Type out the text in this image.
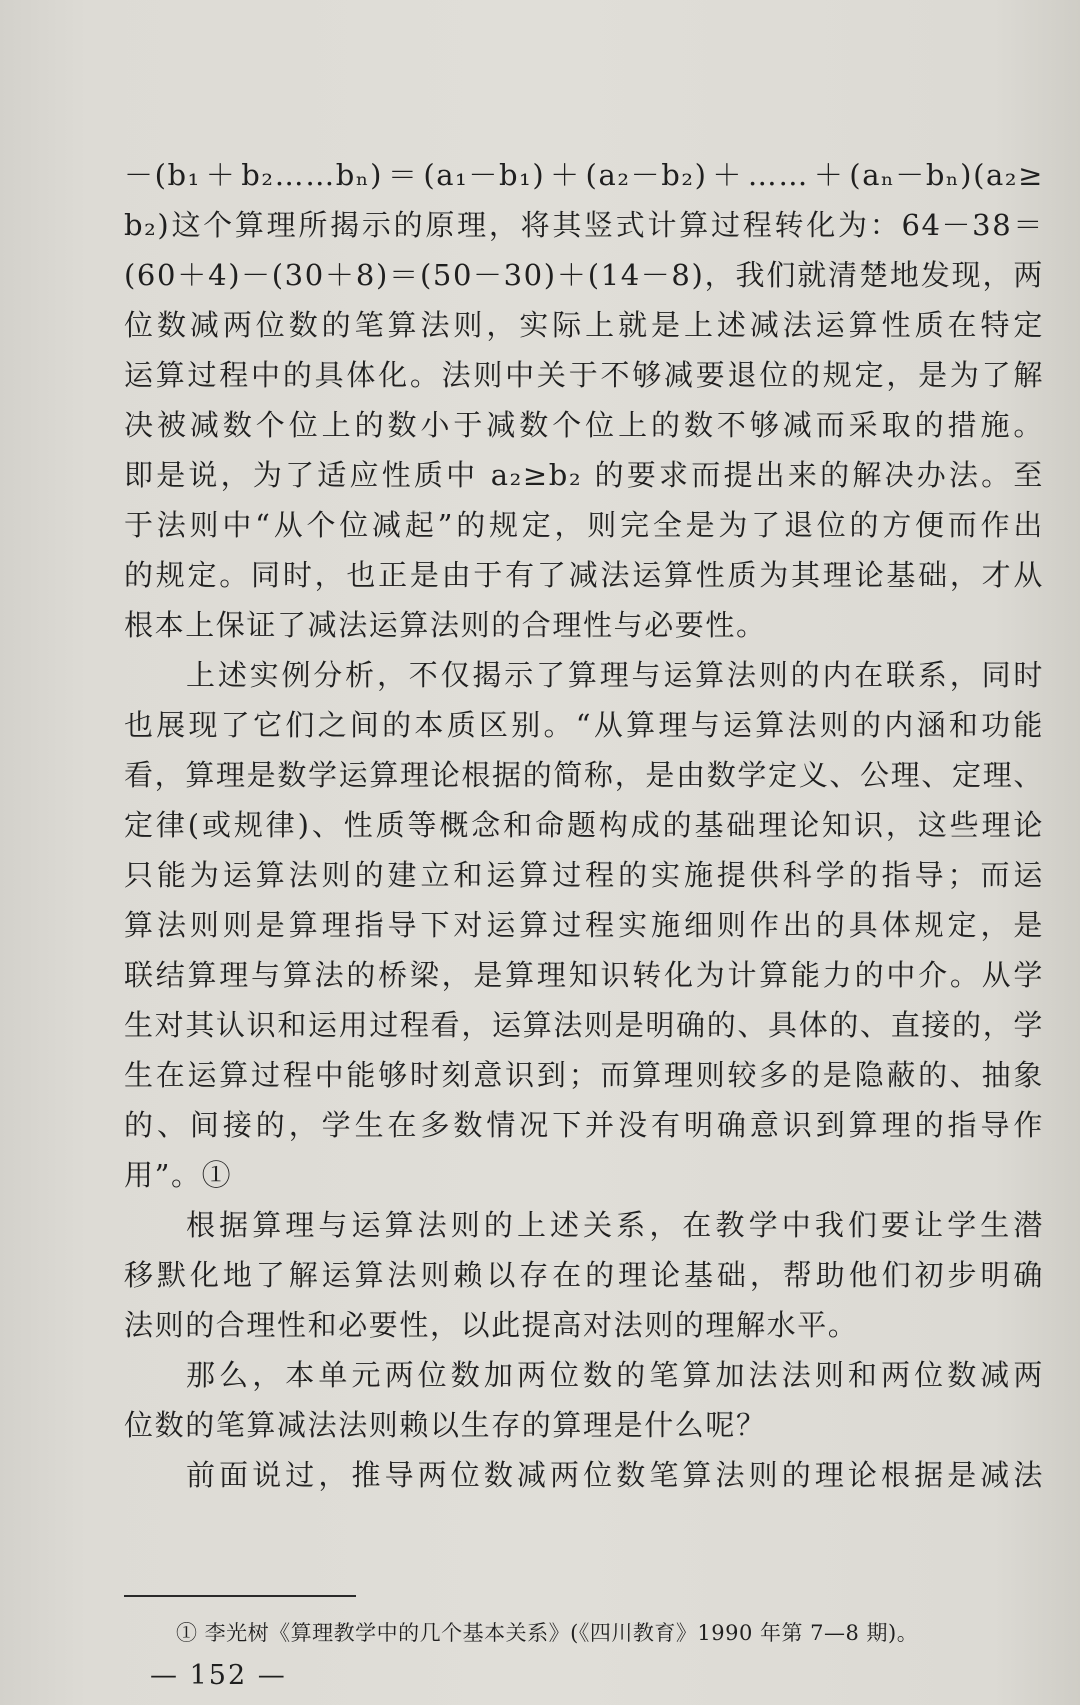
－(b₁＋b₂……bₙ)＝(a₁－b₁)＋(a₂－b₂)＋……＋(aₙ－bₙ)(a₂≥
b₂)这个算理所揭示的原理，将其竖式计算过程转化为：64－38＝
(60＋4)－(30＋8)＝(50－30)＋(14－8)，我们就清楚地发现，两
位数减两位数的笔算法则，实际上就是上述减法运算性质在特定
运算过程中的具体化。法则中关于不够减要退位的规定，是为了解
决被减数个位上的数小于减数个位上的数不够减而采取的措施。
即是说，为了适应性质中 a₂≥b₂ 的要求而提出来的解决办法。至
于法则中“从个位减起”的规定，则完全是为了退位的方便而作出
的规定。同时，也正是由于有了减法运算性质为其理论基础，才从
根本上保证了减法运算法则的合理性与必要性。
上述实例分析，不仅揭示了算理与运算法则的内在联系，同时
也展现了它们之间的本质区别。“从算理与运算法则的内涵和功能
看，算理是数学运算理论根据的简称，是由数学定义、公理、定理、
定律(或规律)、性质等概念和命题构成的基础理论知识，这些理论
只能为运算法则的建立和运算过程的实施提供科学的指导；而运
算法则则是算理指导下对运算过程实施细则作出的具体规定，是
联结算理与算法的桥梁，是算理知识转化为计算能力的中介。从学
生对其认识和运用过程看，运算法则是明确的、具体的、直接的，学
生在运算过程中能够时刻意识到；而算理则较多的是隐蔽的、抽象
的、间接的，学生在多数情况下并没有明确意识到算理的指导作
用”。①
根据算理与运算法则的上述关系，在教学中我们要让学生潜
移默化地了解运算法则赖以存在的理论基础，帮助他们初步明确
法则的合理性和必要性，以此提高对法则的理解水平。
那么，本单元两位数加两位数的笔算加法法则和两位数减两
位数的笔算减法法则赖以生存的算理是什么呢？
前面说过，推导两位数减两位数笔算法则的理论根据是减法
① 李光树《算理教学中的几个基本关系》(《四川教育》1990 年第 7—8 期)。
— 152 —
